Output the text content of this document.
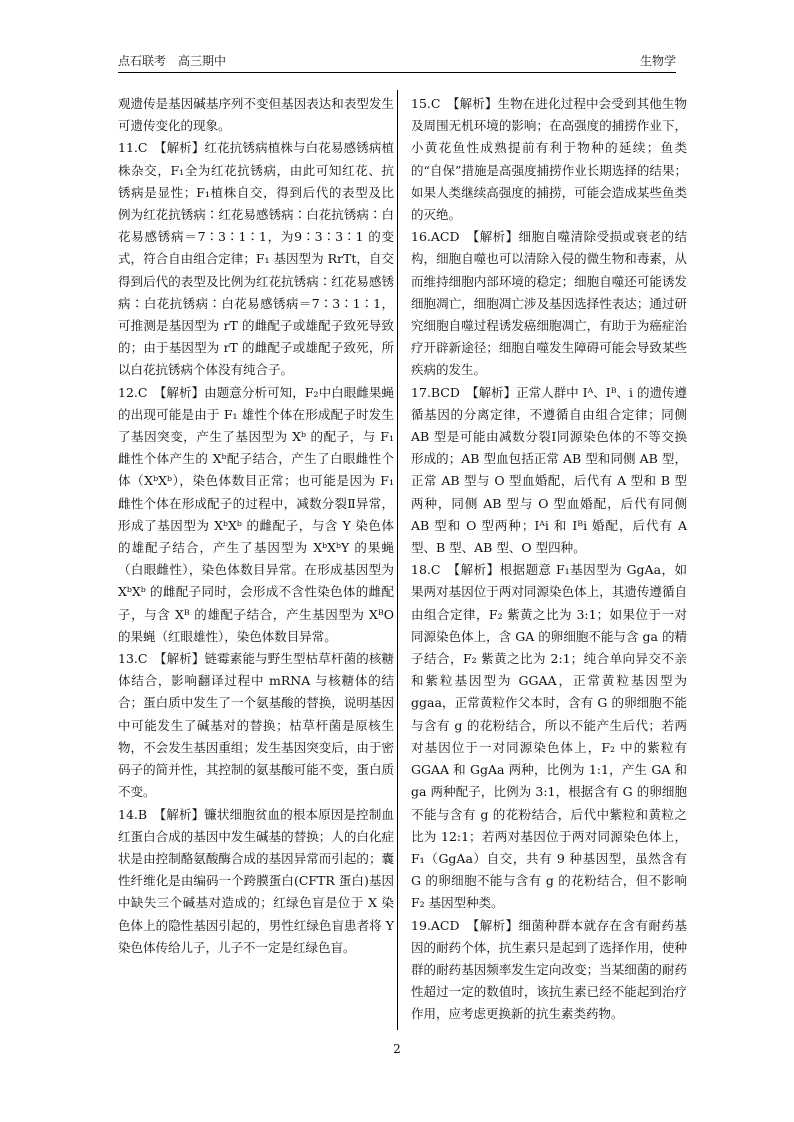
点石联考　高三期中	生物学

观遗传是基因碱基序列不变但基因表达和表型发生可遗传变化的现象。

11.C　【解析】红花抗锈病植株与白花易感锈病植株杂交，F₁全为红花抗锈病，由此可知红花、抗锈病是显性；F₁植株自交，得到后代的表型及比例为红花抗锈病∶红花易感锈病∶白花抗锈病∶白花易感锈病＝7∶3∶1∶1，为9∶3∶3∶1 的变式，符合自由组合定律；F₁ 基因型为 RrTt，自交得到后代的表型及比例为红花抗锈病∶红花易感锈病∶白花抗锈病∶白花易感锈病＝7∶3∶1∶1，可推测是基因型为 rT 的雌配子或雄配子致死导致的；由于基因型为 rT 的雌配子或雄配子致死，所以白花抗锈病个体没有纯合子。

12.C　【解析】由题意分析可知，F₂中白眼雌果蝇的出现可能是由于 F₁ 雄性个体在形成配子时发生了基因突变，产生了基因型为 Xᵇ 的配子，与 F₁雌性个体产生的 Xᵇ配子结合，产生了白眼雌性个体（XᵇXᵇ），染色体数目正常；也可能是因为 F₁雌性个体在形成配子的过程中，减数分裂Ⅱ异常，形成了基因型为 XᵇXᵇ 的雌配子，与含 Y 染色体的雄配子结合，产生了基因型为 XᵇXᵇY 的果蝇（白眼雌性），染色体数目异常。在形成基因型为 XᵇXᵇ 的雌配子同时，会形成不含性染色体的雌配子，与含 Xᴮ 的雄配子结合，产生基因型为 XᴮO 的果蝇（红眼雄性），染色体数目异常。

13.C　【解析】链霉素能与野生型枯草杆菌的核糖体结合，影响翻译过程中 mRNA 与核糖体的结合；蛋白质中发生了一个氨基酸的替换，说明基因中可能发生了碱基对的替换；枯草杆菌是原核生物，不会发生基因重组；发生基因突变后，由于密码子的简并性，其控制的氨基酸可能不变，蛋白质不变。

14.B　【解析】镰状细胞贫血的根本原因是控制血红蛋白合成的基因中发生碱基的替换；人的白化症状是由控制酪氨酸酶合成的基因异常而引起的；囊性纤维化是由编码一个跨膜蛋白(CFTR 蛋白)基因中缺失三个碱基对造成的；红绿色盲是位于 X 染色体上的隐性基因引起的，男性红绿色盲患者将 Y 染色体传给儿子，儿子不一定是红绿色盲。

15.C　【解析】生物在进化过程中会受到其他生物及周围无机环境的影响；在高强度的捕捞作业下，小黄花鱼性成熟提前有利于物种的延续；鱼类的“自保”措施是高强度捕捞作业长期选择的结果；如果人类继续高强度的捕捞，可能会造成某些鱼类的灭绝。

16.ACD　【解析】细胞自噬清除受损或衰老的结构，细胞自噬也可以清除入侵的微生物和毒素，从而维持细胞内部环境的稳定；细胞自噬还可能诱发细胞凋亡，细胞凋亡涉及基因选择性表达；通过研究细胞自噬过程诱发癌细胞凋亡，有助于为癌症治疗开辟新途径；细胞自噬发生障碍可能会导致某些疾病的发生。

17.BCD　【解析】正常人群中 Iᴬ、Iᴮ、i 的遗传遵循基因的分离定律，不遵循自由组合定律；同侧 AB 型是可能由减数分裂Ⅰ同源染色体的不等交换形成的；AB 型血包括正常 AB 型和同侧 AB 型，正常 AB 型与 O 型血婚配，后代有 A 型和 B 型两种，同侧 AB 型与 O 型血婚配，后代有同侧 AB 型和 O 型两种；Iᴬi 和 Iᴮi 婚配，后代有 A 型、B 型、AB 型、O 型四种。

18.C　【解析】根据题意 F₁基因型为 GgAa，如果两对基因位于两对同源染色体上，其遗传遵循自由组合定律，F₂ 紫黄之比为 3:1；如果位于一对同源染色体上，含 GA 的卵细胞不能与含 ga 的精子结合，F₂ 紫黄之比为 2:1；纯合单向异交不亲和紫粒基因型为 GGAA，正常黄粒基因型为 ggaa，正常黄粒作父本时，含有 G 的卵细胞不能与含有 g 的花粉结合，所以不能产生后代；若两对基因位于一对同源染色体上，F₂ 中的紫粒有 GGAA 和 GgAa 两种，比例为 1:1，产生 GA 和 ga 两种配子，比例为 3:1，根据含有 G 的卵细胞不能与含有 g 的花粉结合，后代中紫粒和黄粒之比为 12:1；若两对基因位于两对同源染色体上，F₁（GgAa）自交，共有 9 种基因型，虽然含有 G 的卵细胞不能与含有 g 的花粉结合，但不影响 F₂ 基因型种类。

19.ACD　【解析】细菌种群本就存在含有耐药基因的耐药个体，抗生素只是起到了选择作用，使种群的耐药基因频率发生定向改变；当某细菌的耐药性超过一定的数值时，该抗生素已经不能起到治疗作用，应考虑更换新的抗生素类药物。

2
